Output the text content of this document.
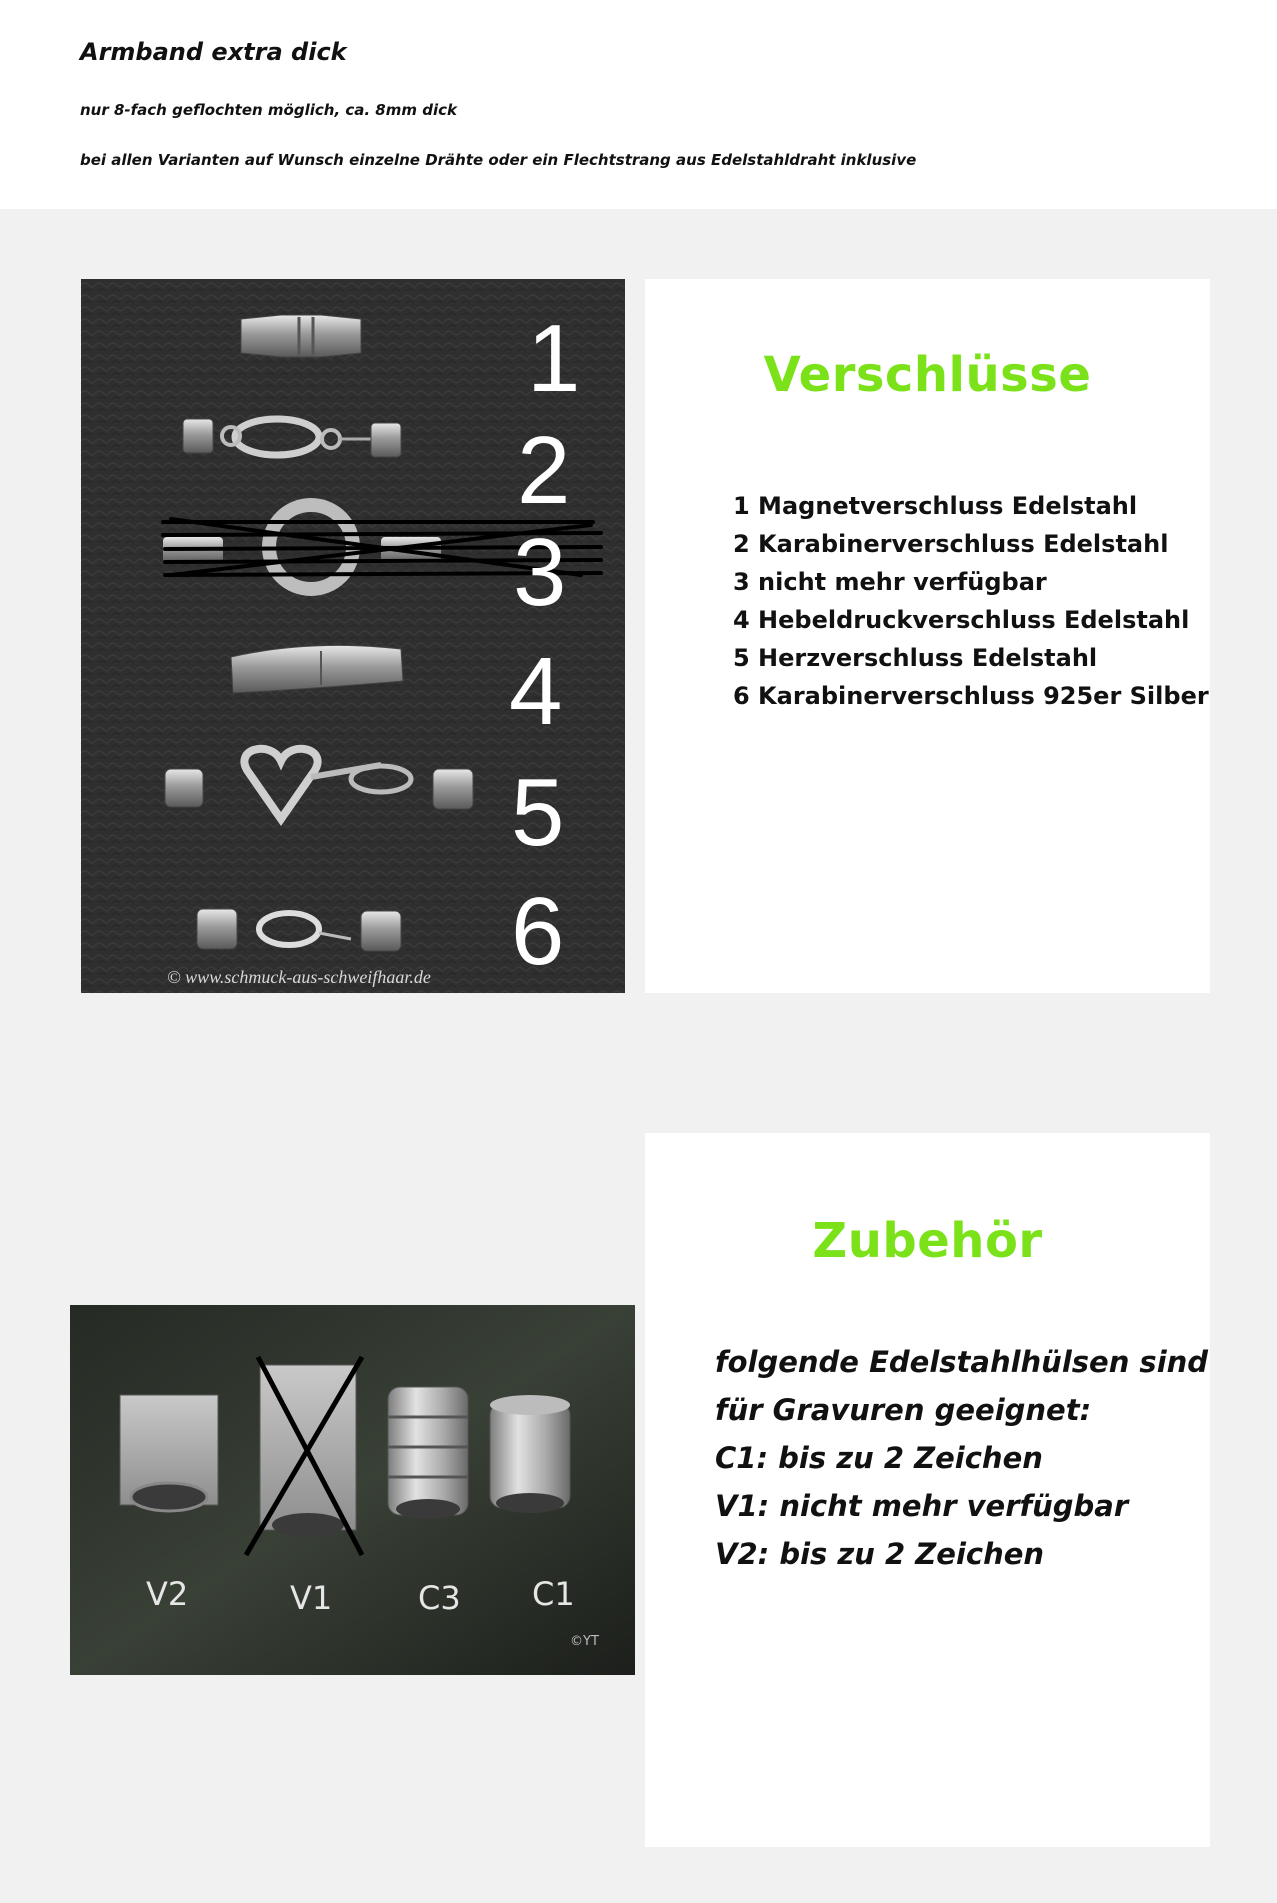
Armband extra dick

nur 8-fach geflochten möglich, ca. 8mm dick

bei allen Varianten auf Wunsch einzelne Drähte oder ein Flechtstrang aus Edelstahldraht inklusive

1
2
3
4
5
6
© www.schmuck-aus-schweifhaar.de
Verschlüsse
1 Magnetverschluss Edelstahl
2 Karabinerverschluss Edelstahl
3 nicht mehr verfügbar
4 Hebeldruckverschluss Edelstahl
5 Herzverschluss Edelstahl
6 Karabinerverschluss 925er Silber
V2	V1	C3 C1
©YT
Zubehör

folgende Edelstahlhülsen sind

für Gravuren geeignet:

C1: bis zu 2 Zeichen

V1: nicht mehr verfügbar

V2: bis zu 2 Zeichen
